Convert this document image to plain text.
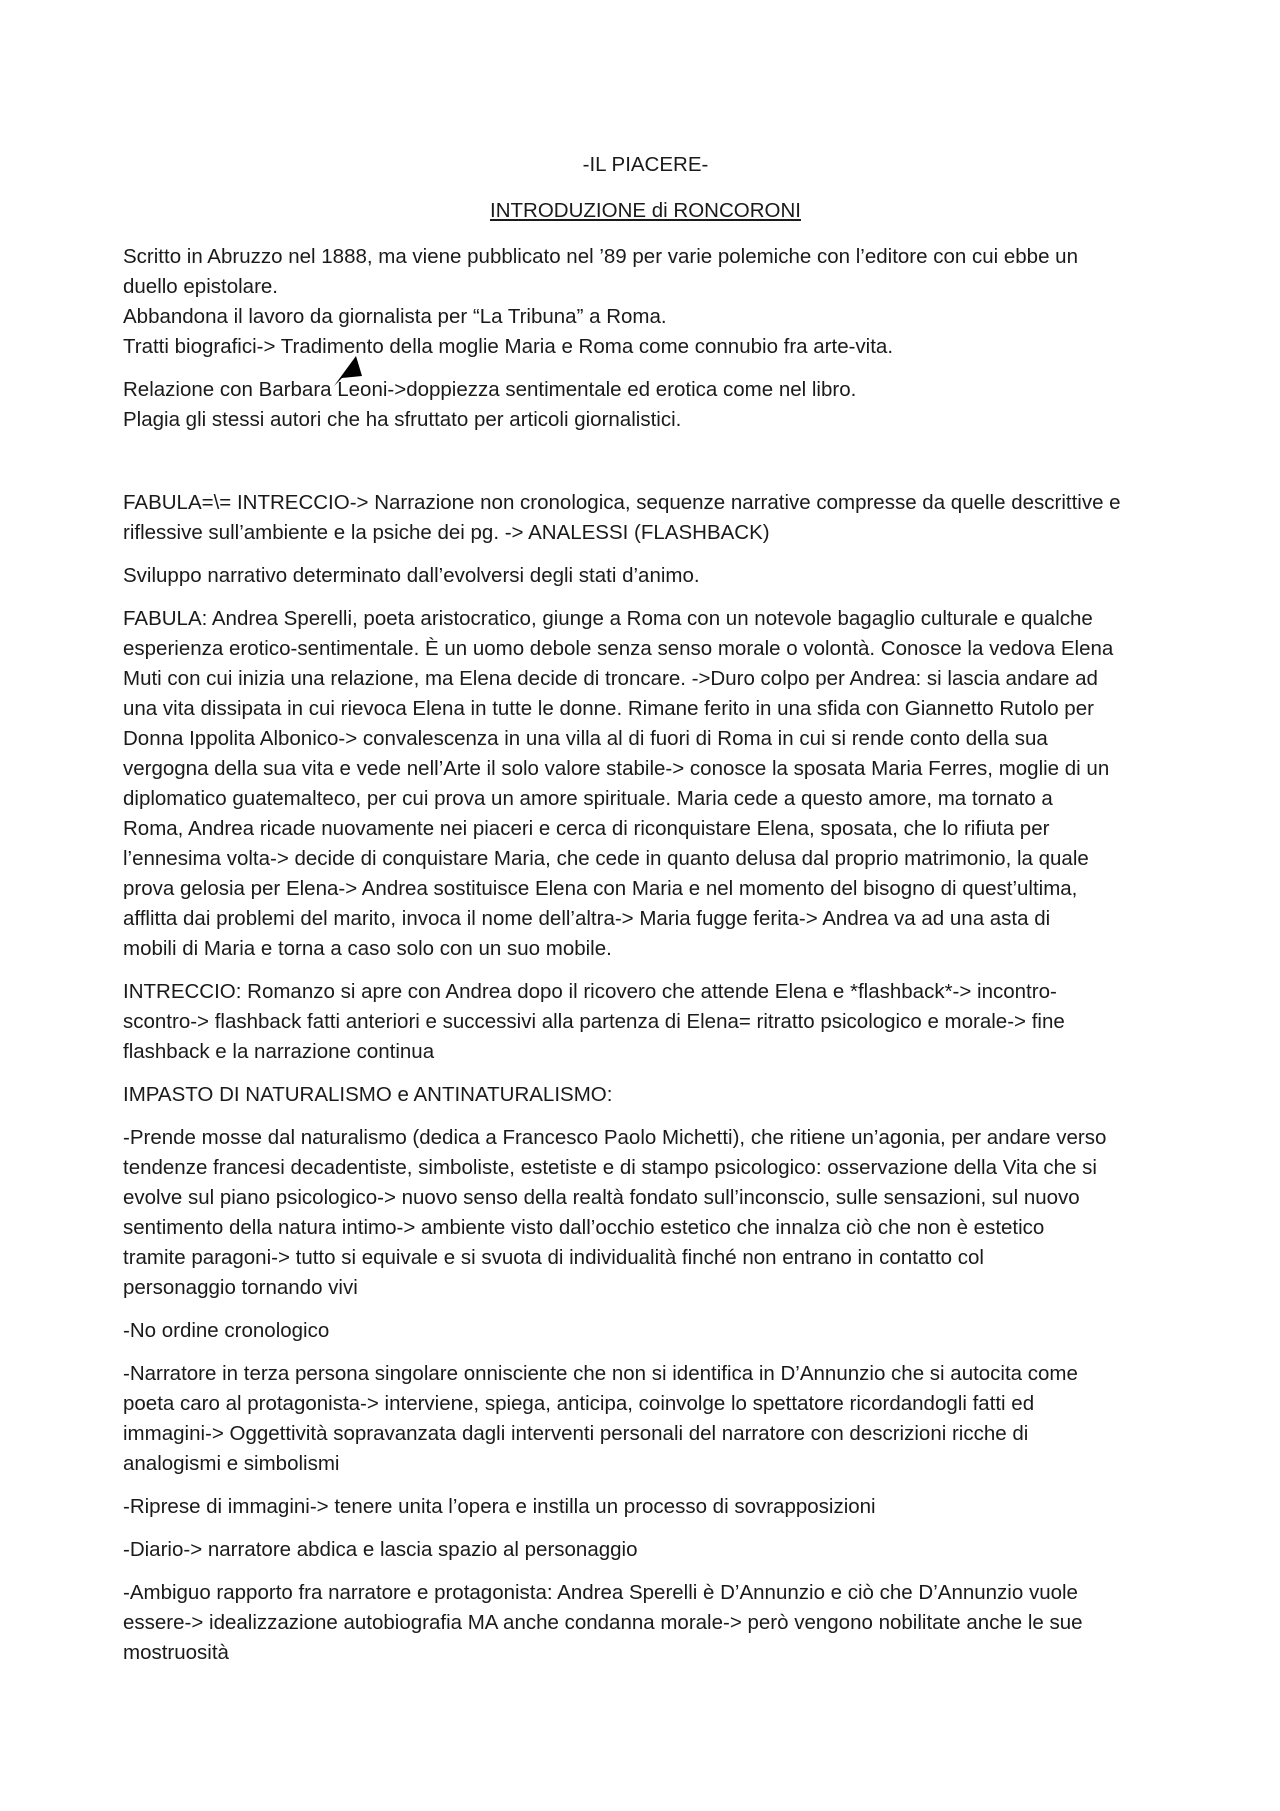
-IL PIACERE-
INTRODUZIONE di RONCORONI
Scritto in Abruzzo nel 1888, ma viene pubblicato nel ’89 per varie polemiche con l’editore con cui ebbe un
duello epistolare.
Abbandona il lavoro da giornalista per “La Tribuna” a Roma.
Tratti biografici-> Tradimento della moglie Maria e Roma come connubio fra arte-vita.
Relazione con Barbara Leoni->doppiezza sentimentale ed erotica come nel libro.
Plagia gli stessi autori che ha sfruttato per articoli giornalistici.
FABULA=\= INTRECCIO-> Narrazione non cronologica, sequenze narrative compresse da quelle descrittive e
riflessive sull’ambiente e la psiche dei pg. -> ANALESSI (FLASHBACK)
Sviluppo narrativo determinato dall’evolversi degli stati d’animo.
FABULA: Andrea Sperelli, poeta aristocratico, giunge a Roma con un notevole bagaglio culturale e qualche
esperienza erotico-sentimentale. È un uomo debole senza senso morale o volontà. Conosce la vedova Elena
Muti con cui inizia una relazione, ma Elena decide di troncare. ->Duro colpo per Andrea: si lascia andare ad
una vita dissipata in cui rievoca Elena in tutte le donne. Rimane ferito in una sfida con Giannetto Rutolo per
Donna Ippolita Albonico-> convalescenza in una villa al di fuori di Roma in cui si rende conto della sua
vergogna della sua vita e vede nell’Arte il solo valore stabile-> conosce la sposata Maria Ferres, moglie di un
diplomatico guatemalteco, per cui prova un amore spirituale. Maria cede a questo amore, ma tornato a
Roma, Andrea ricade nuovamente nei piaceri e cerca di riconquistare Elena, sposata, che lo rifiuta per
l’ennesima volta-> decide di conquistare Maria, che cede in quanto delusa dal proprio matrimonio, la quale
prova gelosia per Elena-> Andrea sostituisce Elena con Maria e nel momento del bisogno di quest’ultima,
afflitta dai problemi del marito, invoca il nome dell’altra-> Maria fugge ferita-> Andrea va ad una asta di
mobili di Maria e torna a caso solo con un suo mobile.
INTRECCIO: Romanzo si apre con Andrea dopo il ricovero che attende Elena e *flashback*-> incontro-
scontro-> flashback fatti anteriori e successivi alla partenza di Elena= ritratto psicologico e morale-> fine
flashback e la narrazione continua
IMPASTO DI NATURALISMO e ANTINATURALISMO:
-Prende mosse dal naturalismo (dedica a Francesco Paolo Michetti), che ritiene un’agonia, per andare verso
tendenze francesi decadentiste, simboliste, estetiste e di stampo psicologico: osservazione della Vita che si
evolve sul piano psicologico-> nuovo senso della realtà fondato sull’inconscio, sulle sensazioni, sul nuovo
sentimento della natura intimo-> ambiente visto dall’occhio estetico che innalza ciò che non è estetico
tramite paragoni-> tutto si equivale e si svuota di individualità finché non entrano in contatto col
personaggio tornando vivi
-No ordine cronologico
-Narratore in terza persona singolare onnisciente che non si identifica in D’Annunzio che si autocita come
poeta caro al protagonista-> interviene, spiega, anticipa, coinvolge lo spettatore ricordandogli fatti ed
immagini-> Oggettività sopravanzata dagli interventi personali del narratore con descrizioni ricche di
analogismi e simbolismi
-Riprese di immagini-> tenere unita l’opera e instilla un processo di sovrapposizioni
-Diario-> narratore abdica e lascia spazio al personaggio
-Ambiguo rapporto fra narratore e protagonista: Andrea Sperelli è D’Annunzio e ciò che D’Annunzio vuole
essere-> idealizzazione autobiografia MA anche condanna morale-> però vengono nobilitate anche le sue
mostruosità
